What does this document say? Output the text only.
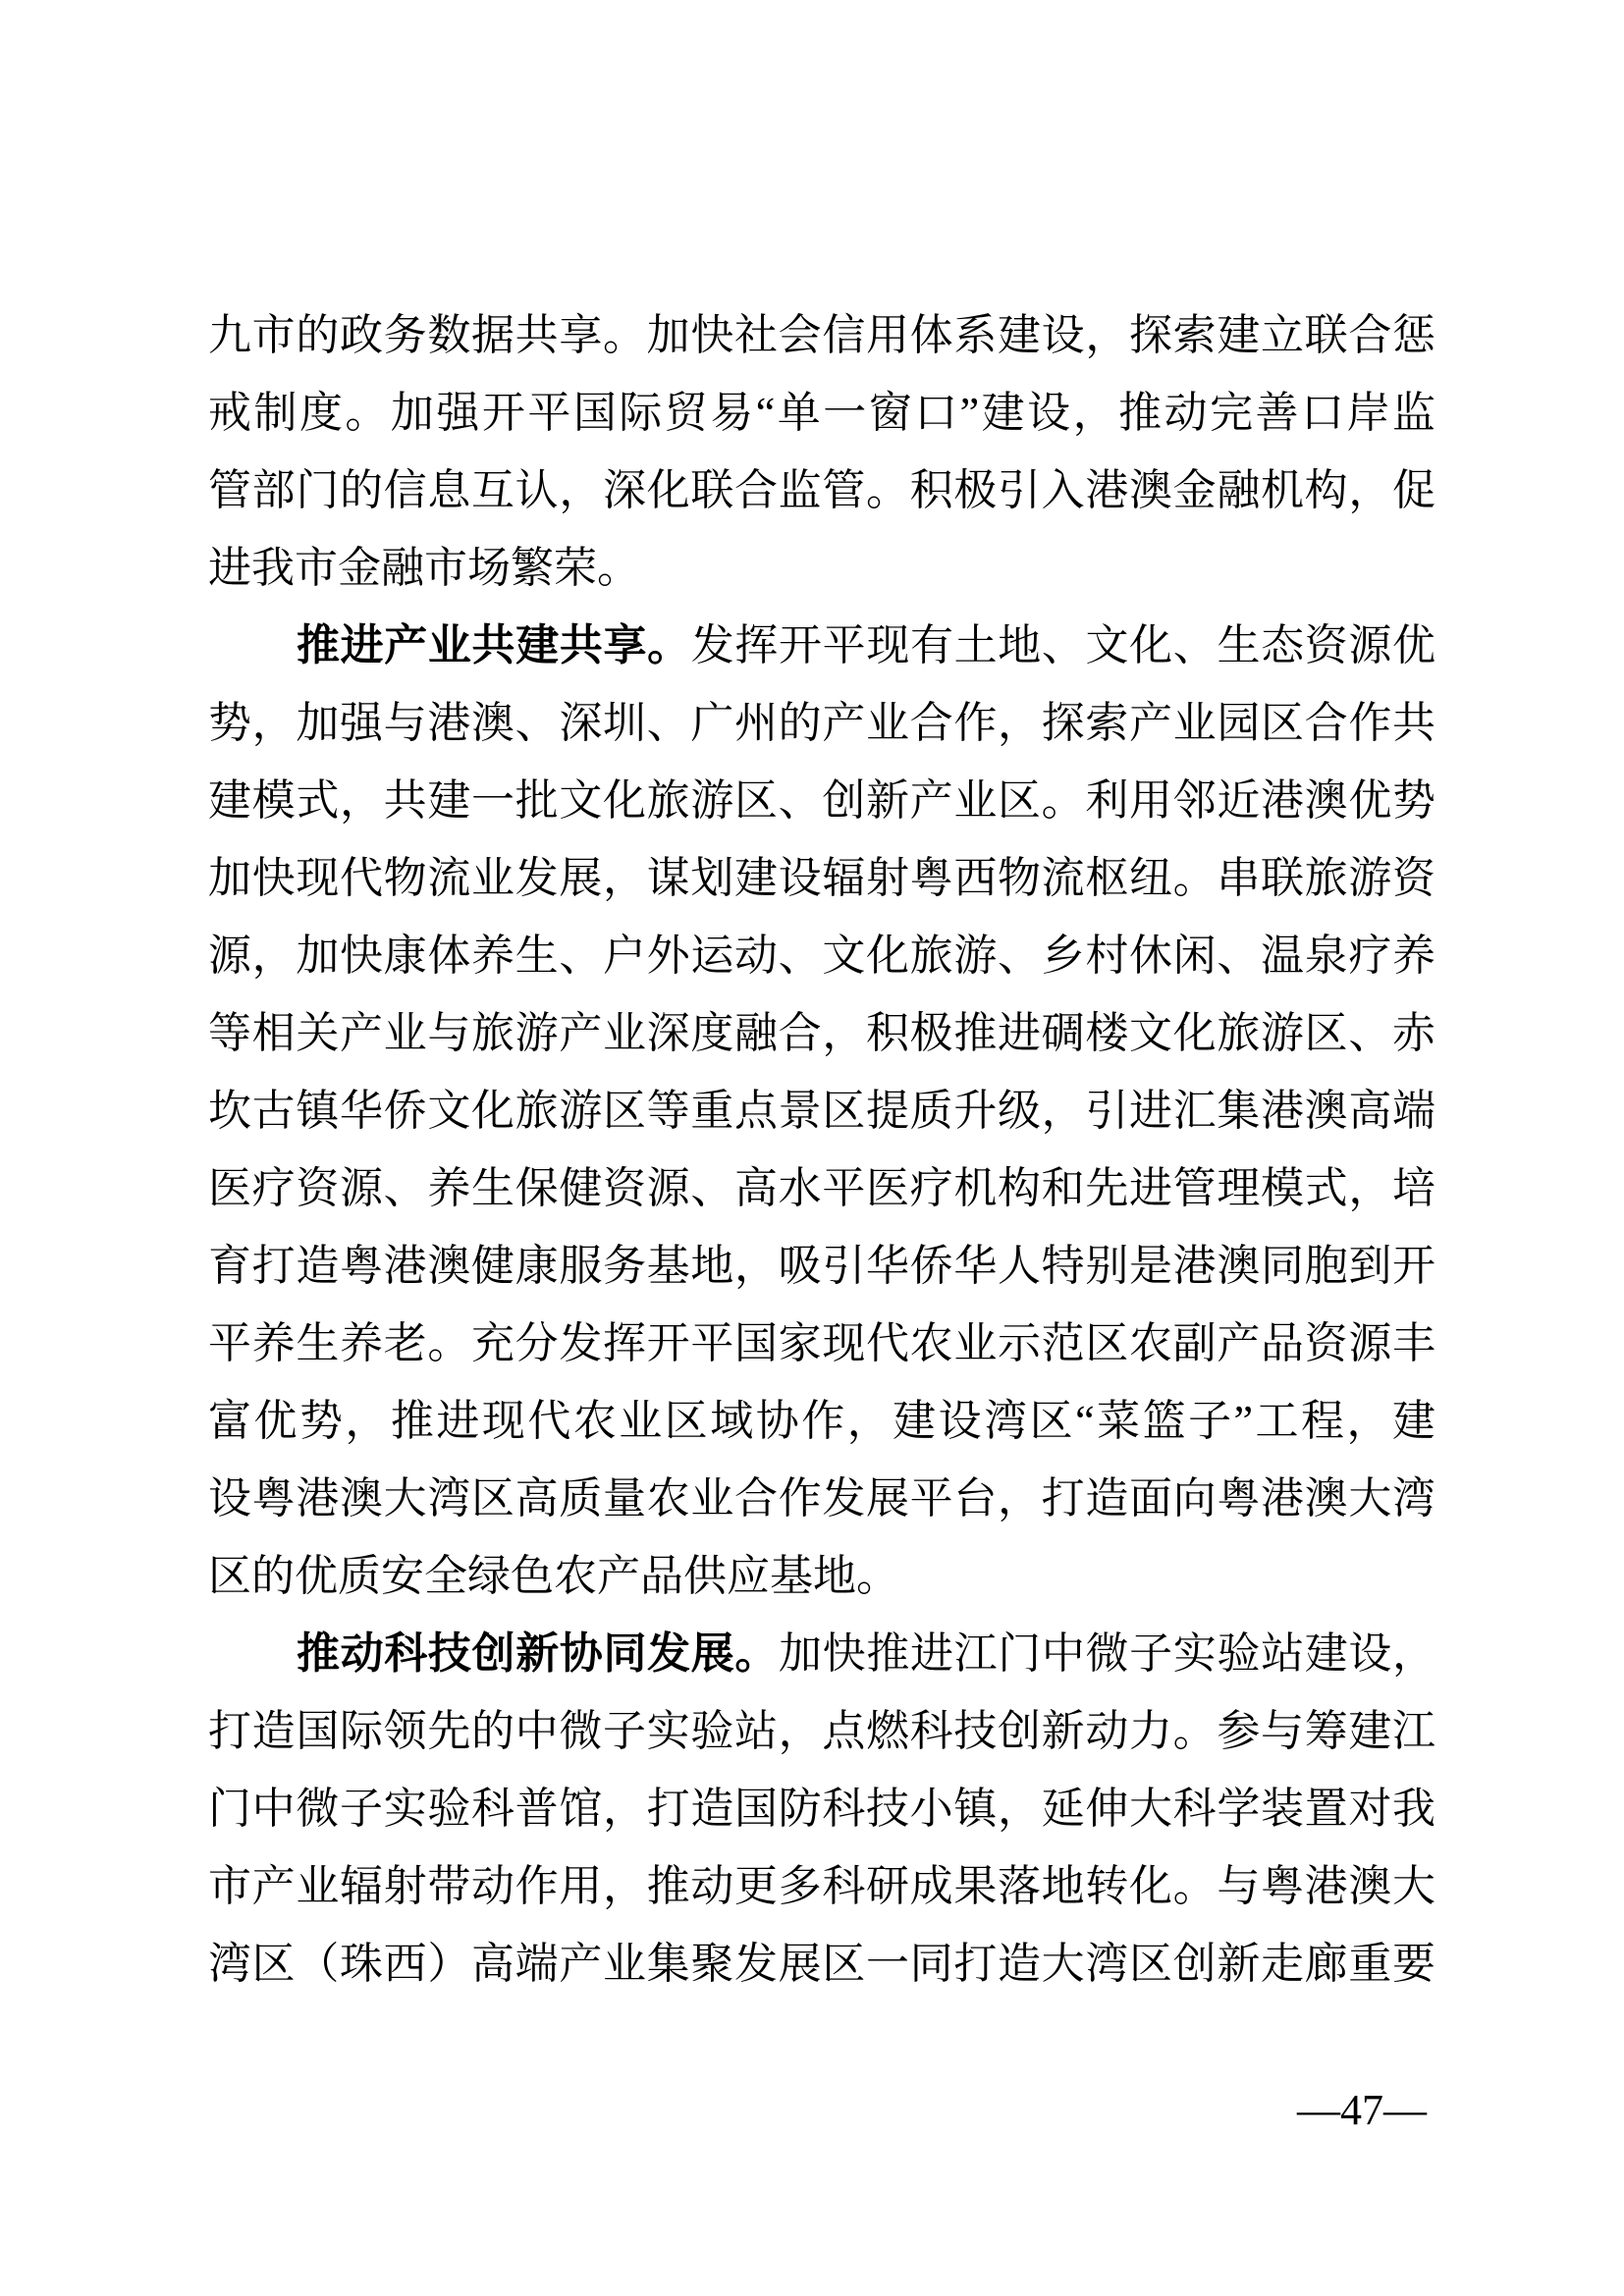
九市的政务数据共享。加快社会信用体系建设，探索建立联合惩
戒制度。加强开平国际贸易“单一窗口”建设，推动完善口岸监
管部门的信息互认，深化联合监管。积极引入港澳金融机构，促
进我市金融市场繁荣。
推进产业共建共享。发挥开平现有土地、文化、生态资源优
势，加强与港澳、深圳、广州的产业合作，探索产业园区合作共
建模式，共建一批文化旅游区、创新产业区。利用邻近港澳优势
加快现代物流业发展，谋划建设辐射粤西物流枢纽。串联旅游资
源，加快康体养生、户外运动、文化旅游、乡村休闲、温泉疗养
等相关产业与旅游产业深度融合，积极推进碉楼文化旅游区、赤
坎古镇华侨文化旅游区等重点景区提质升级，引进汇集港澳高端
医疗资源、养生保健资源、高水平医疗机构和先进管理模式，培
育打造粤港澳健康服务基地，吸引华侨华人特别是港澳同胞到开
平养生养老。充分发挥开平国家现代农业示范区农副产品资源丰
富优势，推进现代农业区域协作，建设湾区“菜篮子”工程，建
设粤港澳大湾区高质量农业合作发展平台，打造面向粤港澳大湾
区的优质安全绿色农产品供应基地。
推动科技创新协同发展。加快推进江门中微子实验站建设，
打造国际领先的中微子实验站，点燃科技创新动力。参与筹建江
门中微子实验科普馆，打造国防科技小镇，延伸大科学装置对我
市产业辐射带动作用，推动更多科研成果落地转化。与粤港澳大
湾区（珠西）高端产业集聚发展区一同打造大湾区创新走廊重要
—47—
